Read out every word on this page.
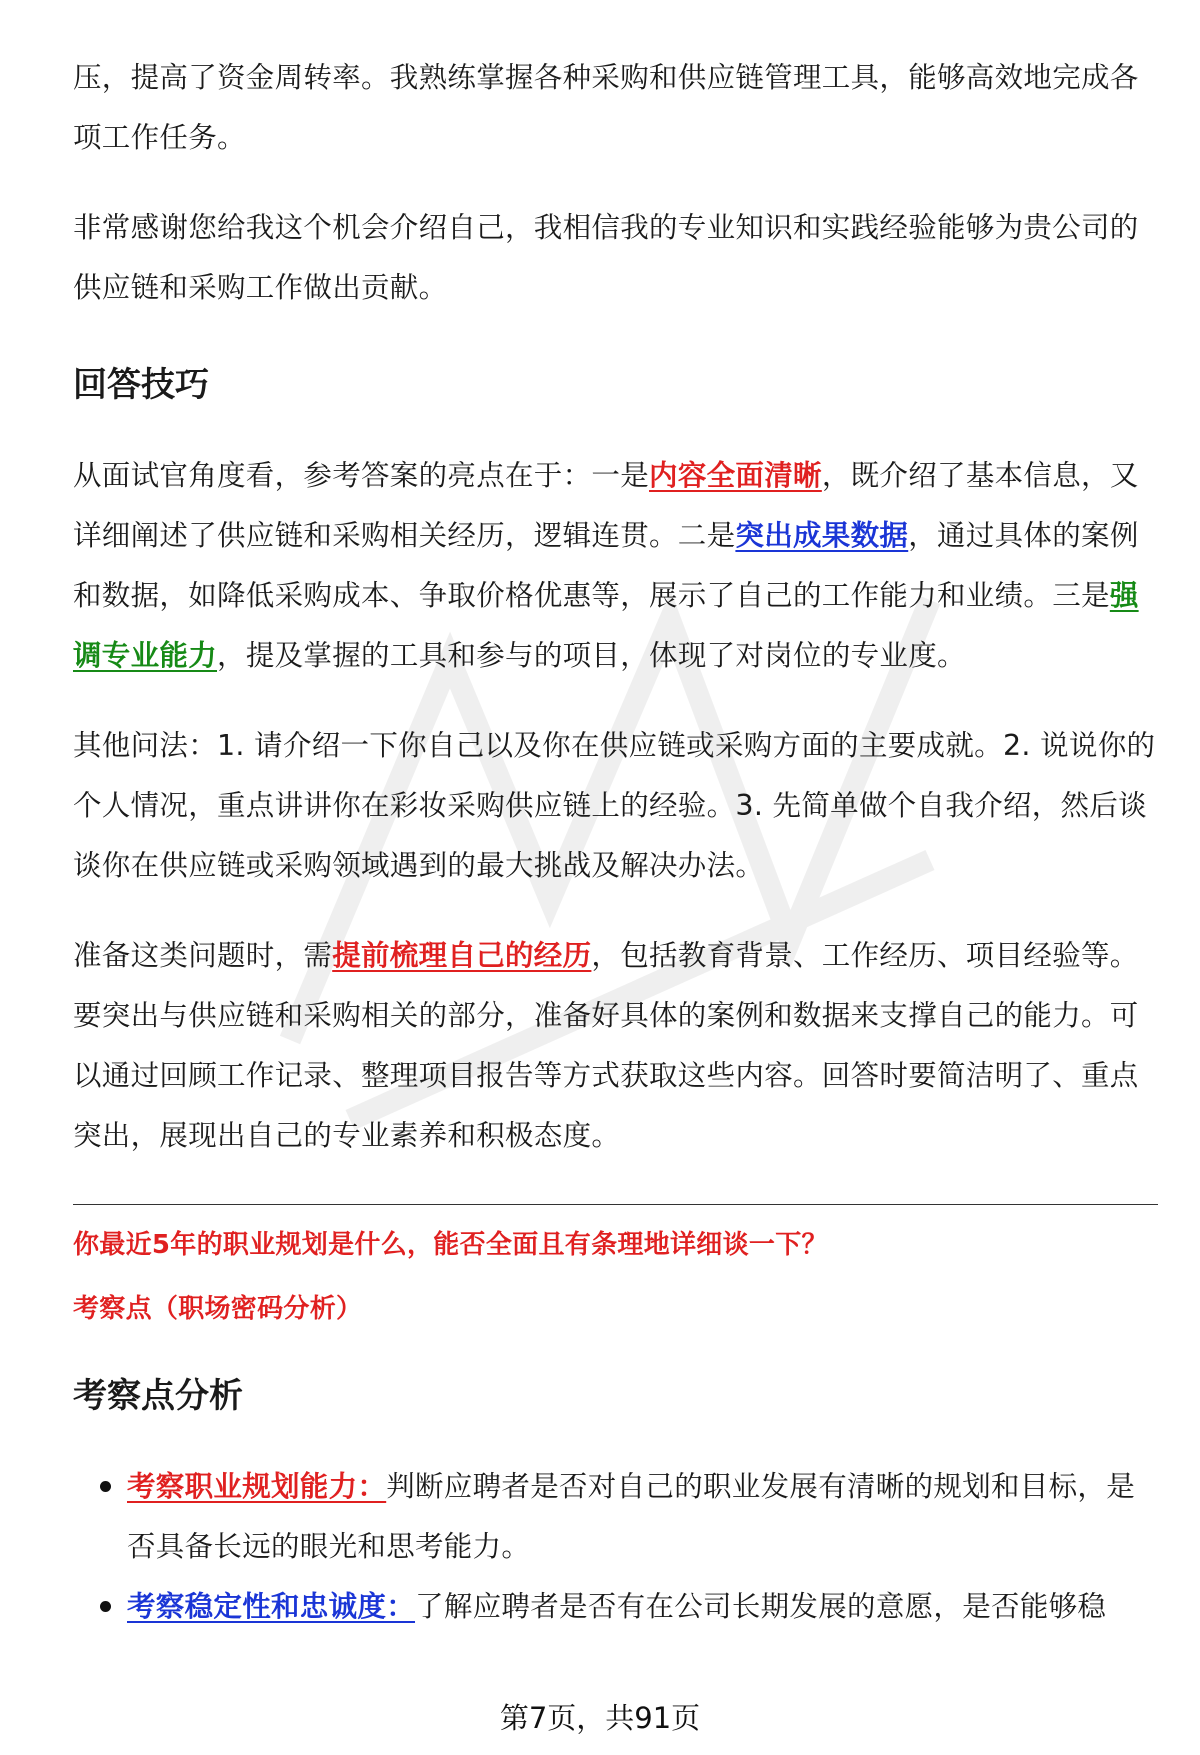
压，提高了资金周转率。我熟练掌握各种采购和供应链管理工具，能够高效地完成各项工作任务。

非常感谢您给我这个机会介绍自己，我相信我的专业知识和实践经验能够为贵公司的供应链和采购工作做出贡献。

回答技巧

从面试官角度看，参考答案的亮点在于：一是内容全面清晰，既介绍了基本信息，又详细阐述了供应链和采购相关经历，逻辑连贯。二是突出成果数据，通过具体的案例和数据，如降低采购成本、争取价格优惠等，展示了自己的工作能力和业绩。三是强调专业能力，提及掌握的工具和参与的项目，体现了对岗位的专业度。

其他问法：1. 请介绍一下你自己以及你在供应链或采购方面的主要成就。2. 说说你的个人情况，重点讲讲你在彩妆采购供应链上的经验。3. 先简单做个自我介绍，然后谈谈你在供应链或采购领域遇到的最大挑战及解决办法。

准备这类问题时，需提前梳理自己的经历，包括教育背景、工作经历、项目经验等。要突出与供应链和采购相关的部分，准备好具体的案例和数据来支撑自己的能力。可以通过回顾工作记录、整理项目报告等方式获取这些内容。回答时要简洁明了、重点突出，展现出自己的专业素养和积极态度。

你最近5年的职业规划是什么，能否全面且有条理地详细谈一下？

考察点（职场密码分析）

考察点分析
考察职业规划能力：判断应聘者是否对自己的职业发展有清晰的规划和目标，是否具备长远的眼光和思考能力。
考察稳定性和忠诚度：了解应聘者是否有在公司长期发展的意愿，是否能够稳
第7页，共91页
